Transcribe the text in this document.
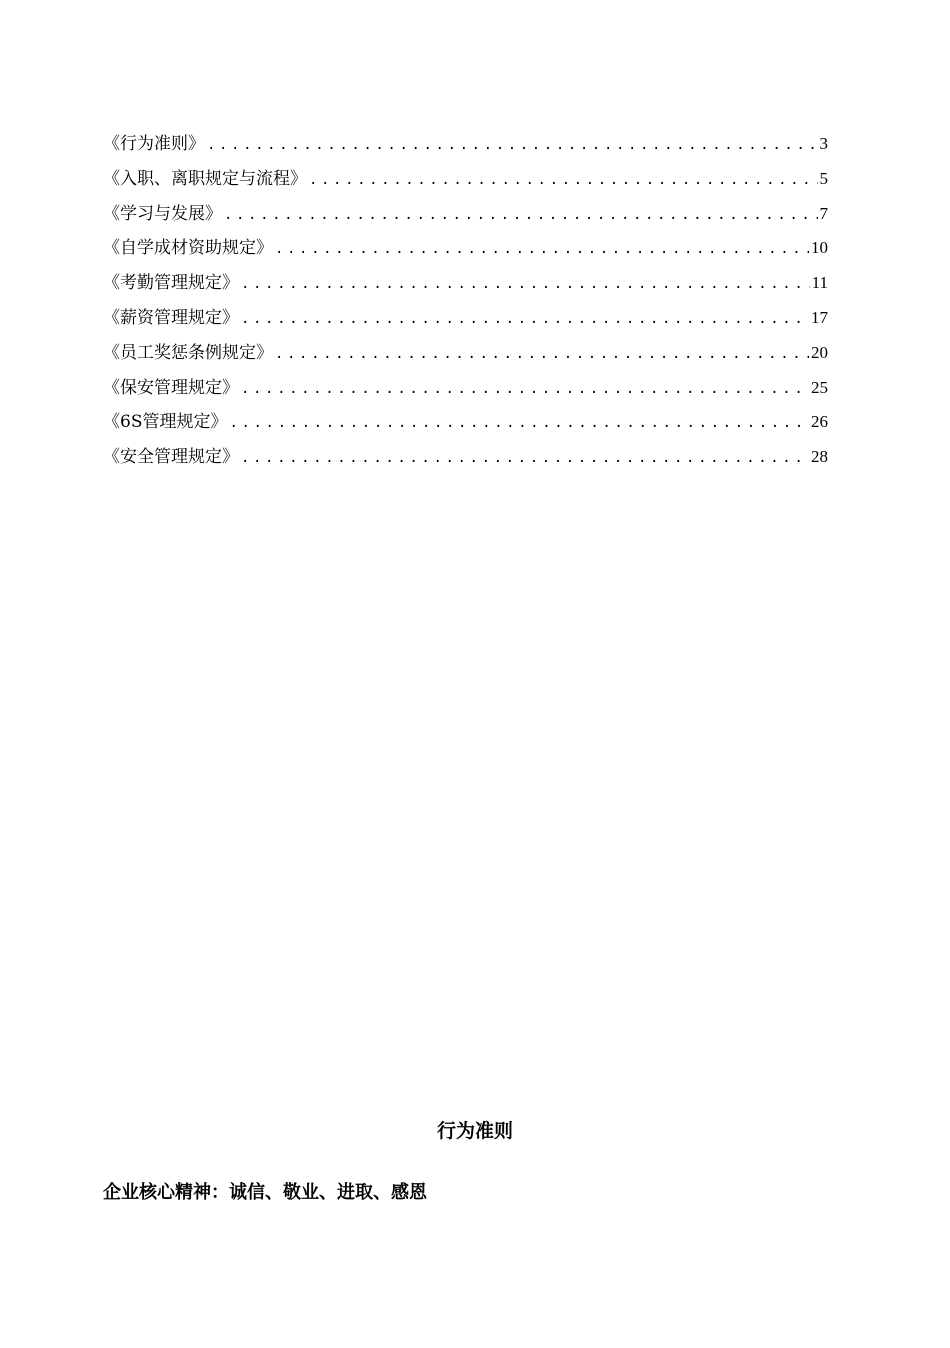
《行为准则》 .....	3
《入职、离职规定与流程》 .....	5
《学习与发展》 .....	7
《自学成材资助规定》 .....	10
《考勤管理规定》 .....	11
《薪资管理规定》 .....	17
《员工奖惩条例规定》 .....	20
《保安管理规定》 .....	25
《6S管理规定》 .....	26
《安全管理规定》 .....	28
行为准则

企业核心精神：诚信、敬业、进取、感恩
